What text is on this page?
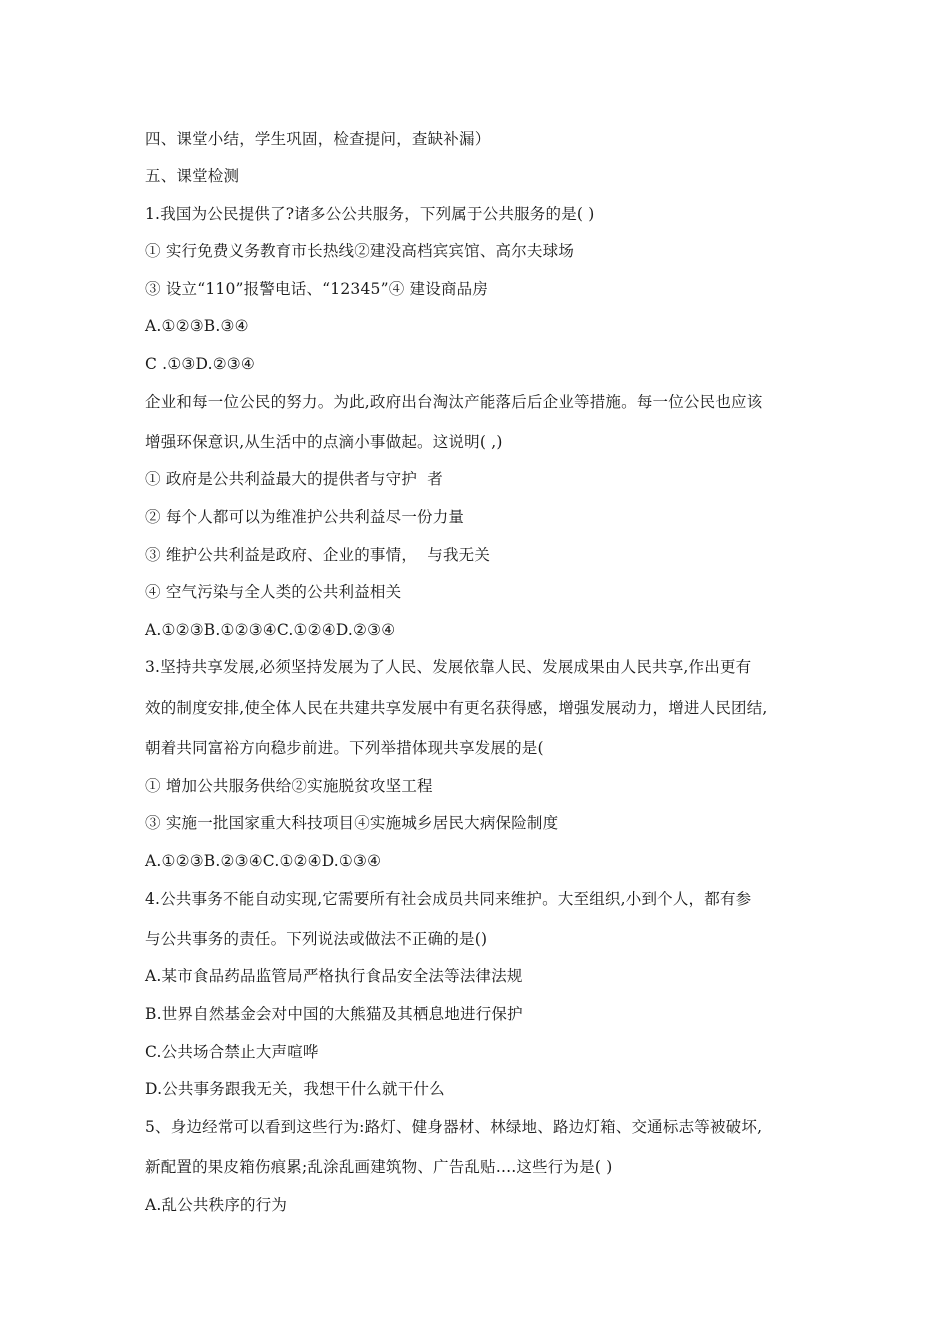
四、课堂小结，学生巩固，检查提问，查缺补漏）
五、课堂检测
1.我国为公民提供了?诸多公公共服务，下列属于公共服务的是( )
① 实行免费义务教育市长热线②建没高档宾宾馆、高尔夫球场
③ 设立“110”报警电话、“12345”④ 建设商品房
A.①②③B.③④
C .①③D.②③④
企业和每一位公民的努力。为此,政府出台淘汰产能落后后企业等措施。每一位公民也应该
增强环保意识,从生活中的点滴小事做起。这说明( ,)
① 政府是公共利益最大的提供者与守护  者
② 每个人都可以为维准护公共利益尽一份力量
③ 维护公共利益是政府、企业的事情，  与我无关
④ 空气污染与全人类的公共利益相关
A.①②③B.①②③④C.①②④D.②③④
3.坚持共享发展,必须坚持发展为了人民、发展依靠人民、发展成果由人民共享,作出更有
效的制度安排,使全体人民在共建共享发展中有更名获得感，增强发展动力，增进人民团结,
朝着共同富裕方向稳步前进。下列举措体现共享发展的是(
① 增加公共服务供给②实施脱贫攻坚工程
③ 实施一批国家重大科技项目④实施城乡居民大病保险制度
A.①②③B.②③④C.①②④D.①③④
4.公共事务不能自动实现,它需要所有社会成员共同来维护。大至组织,小到个人，都有参
与公共事务的责任。下列说法或做法不正确的是()
A.某市食品药品监管局严格执行食品安全法等法律法规
B.世界自然基金会对中国的大熊猫及其栖息地进行保护
C.公共场合禁止大声喧哗
D.公共事务跟我无关，我想干什么就干什么
5、身边经常可以看到这些行为:路灯、健身器材、林绿地、路边灯箱、交通标志等被破坏,
新配置的果皮箱伤痕累;乱涂乱画建筑物、广告乱贴....这些行为是( )
A.乱公共秩序的行为
